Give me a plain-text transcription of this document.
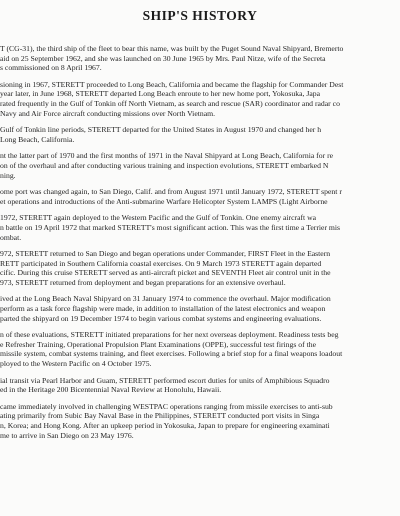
SHIP'S HISTORY
T (CG-31), the third ship of the fleet to bear this name, was built by the Puget Sound Naval Shipyard, Bremerto
aid on 25 September 1962, and she was launched on 30 June 1965 by Mrs. Paul Nitze, wife of the Secreta
s commissioned on 8 April 1967.
sioning in 1967, STERETT proceeded to Long Beach, California and became the flagship for Commander Dest
year later, in June 1968, STERETT departed Long Beach enroute to her new home port, Yokosuka, Japa
rated frequently in the Gulf of Tonkin off North Vietnam, as search and rescue (SAR) coordinator and radar co
Navy and Air Force aircraft conducting missions over North Vietnam.
Gulf of Tonkin line periods, STERETT departed for the United States in August 1970 and changed her h
Long Beach, California.
nt the latter part of 1970 and the first months of 1971 in the Naval Shipyard at Long Beach, California for re
on of the overhaul and after conducting various training and inspection evolutions, STERETT embarked N
ning.
ome port was changed again, to San Diego, Calif. and from August 1971 until January 1972, STERETT spent r
et operations and introductions of the Anti-submarine Warfare Helicopter System LAMPS (Light Airborne
1972, STERETT again deployed to the Western Pacific and the Gulf of Tonkin. One enemy aircraft wa
n battle on 19 April 1972 that marked STERETT's most significant action. This was the first time a Terrier mis
ombat.
972, STERETT returned to San Diego and began operations under Commander, FIRST Fleet in the Eastern
RETT participated in Southern California coastal exercises. On 9 March 1973 STERETT again departed
cific. During this cruise STERETT served as anti-aircraft picket and SEVENTH Fleet air control unit in the
973, STERETT returned from deployment and began preparations for an extensive overhaul.
ived at the Long Beach Naval Shipyard on 31 January 1974 to commence the overhaul. Major modification
perform as a task force flagship were made, in addition to installation of the latest electronics and weapon
parted the shipyard on 19 December 1974 to begin various combat systems and engineering evaluations.
n of these evaluations, STERETT initiated preparations for her next overseas deployment. Readiness tests beg
e Refresher Training, Operational Propulsion Plant Examinations (OPPE), successful test firings of the
missile system, combat systems training, and fleet exercises. Following a brief stop for a final weapons loadout
ployed to the Western Pacific on 4 October 1975.
ial transit via Pearl Harbor and Guam, STERETT performed escort duties for units of Amphibious Squadro
ed in the Heritage 200 Bicentennial Naval Review at Honolulu, Hawaii.
came immediately involved in challenging WESTPAC operations ranging from missile exercises to anti-sub
ating primarily from Subic Bay Naval Base in the Philippines, STERETT conducted port visits in Singa
n, Korea; and Hong Kong. After an upkeep period in Yokosuka, Japan to prepare for engineering examinati
me to arrive in San Diego on 23 May 1976.
